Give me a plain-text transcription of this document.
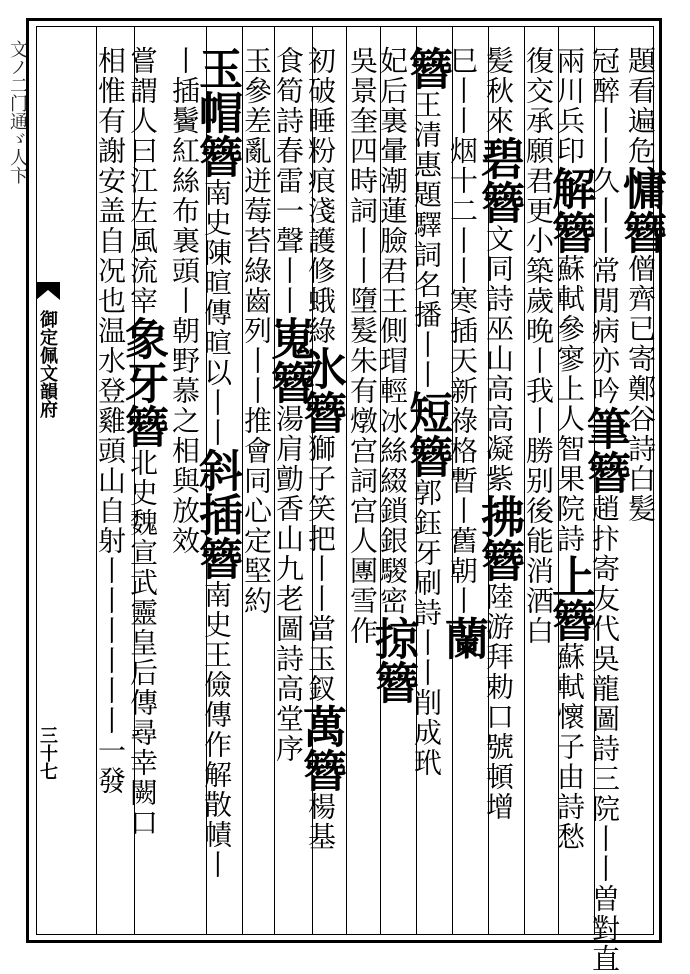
文ノ二门通ゞ人卞
御定佩文韻府
三十七
題看遍危慵簪僧齊已寄鄭谷詩白髪
冠醉丨丨久丨丨常閒病亦吟筆簪趙抃寄友代吳龍圖詩三院丨丨曽對直
兩川兵印解簪蘇軾參寥上人智果院詩上簪蘇軾懷子由詩愁
復交承願君更小築歲晚丨我丨勝别後能消酒白
髪秋來碧簪文同詩巫山高高凝紫拂簪陸游拜勅口號頓增
巳丨丨烟十二丨丨寒插天新祿格暫丨舊朝丨蘭
簪王清惠題驛詞名播丨丨短簪郭鈺牙刷詩丨丨削成玳
妃后裏暈潮蓮臉君王側瑁輕冰絲綴鎖銀騣密掠簪
吳景奎四時詞丨丨墮髮朱有燉宫詞宫人團雪作
初破睡粉痕淺護修蛾綠氷簪獅子笑把丨丨當玉釵萬簪楊基
食筍詩春雷一聲丨丨嵬簪湯肩勯香山九老圖詩高堂序
玉參差亂迸莓苔綠齒列丨丨推會同心定堅約
玉帽簪南史陳暄傳暄以丨丨斜插簪南史王儉傳作解散幘丨
丨插鬢紅絲布裏頭丨朝野慕之相與放效
嘗謂人曰江左風流宰象牙簪北史魏宣武靈皇后傳尋幸闕口
相惟有謝安盖自况也温水登雞頭山自射丨丨丨丨丨丨一發
